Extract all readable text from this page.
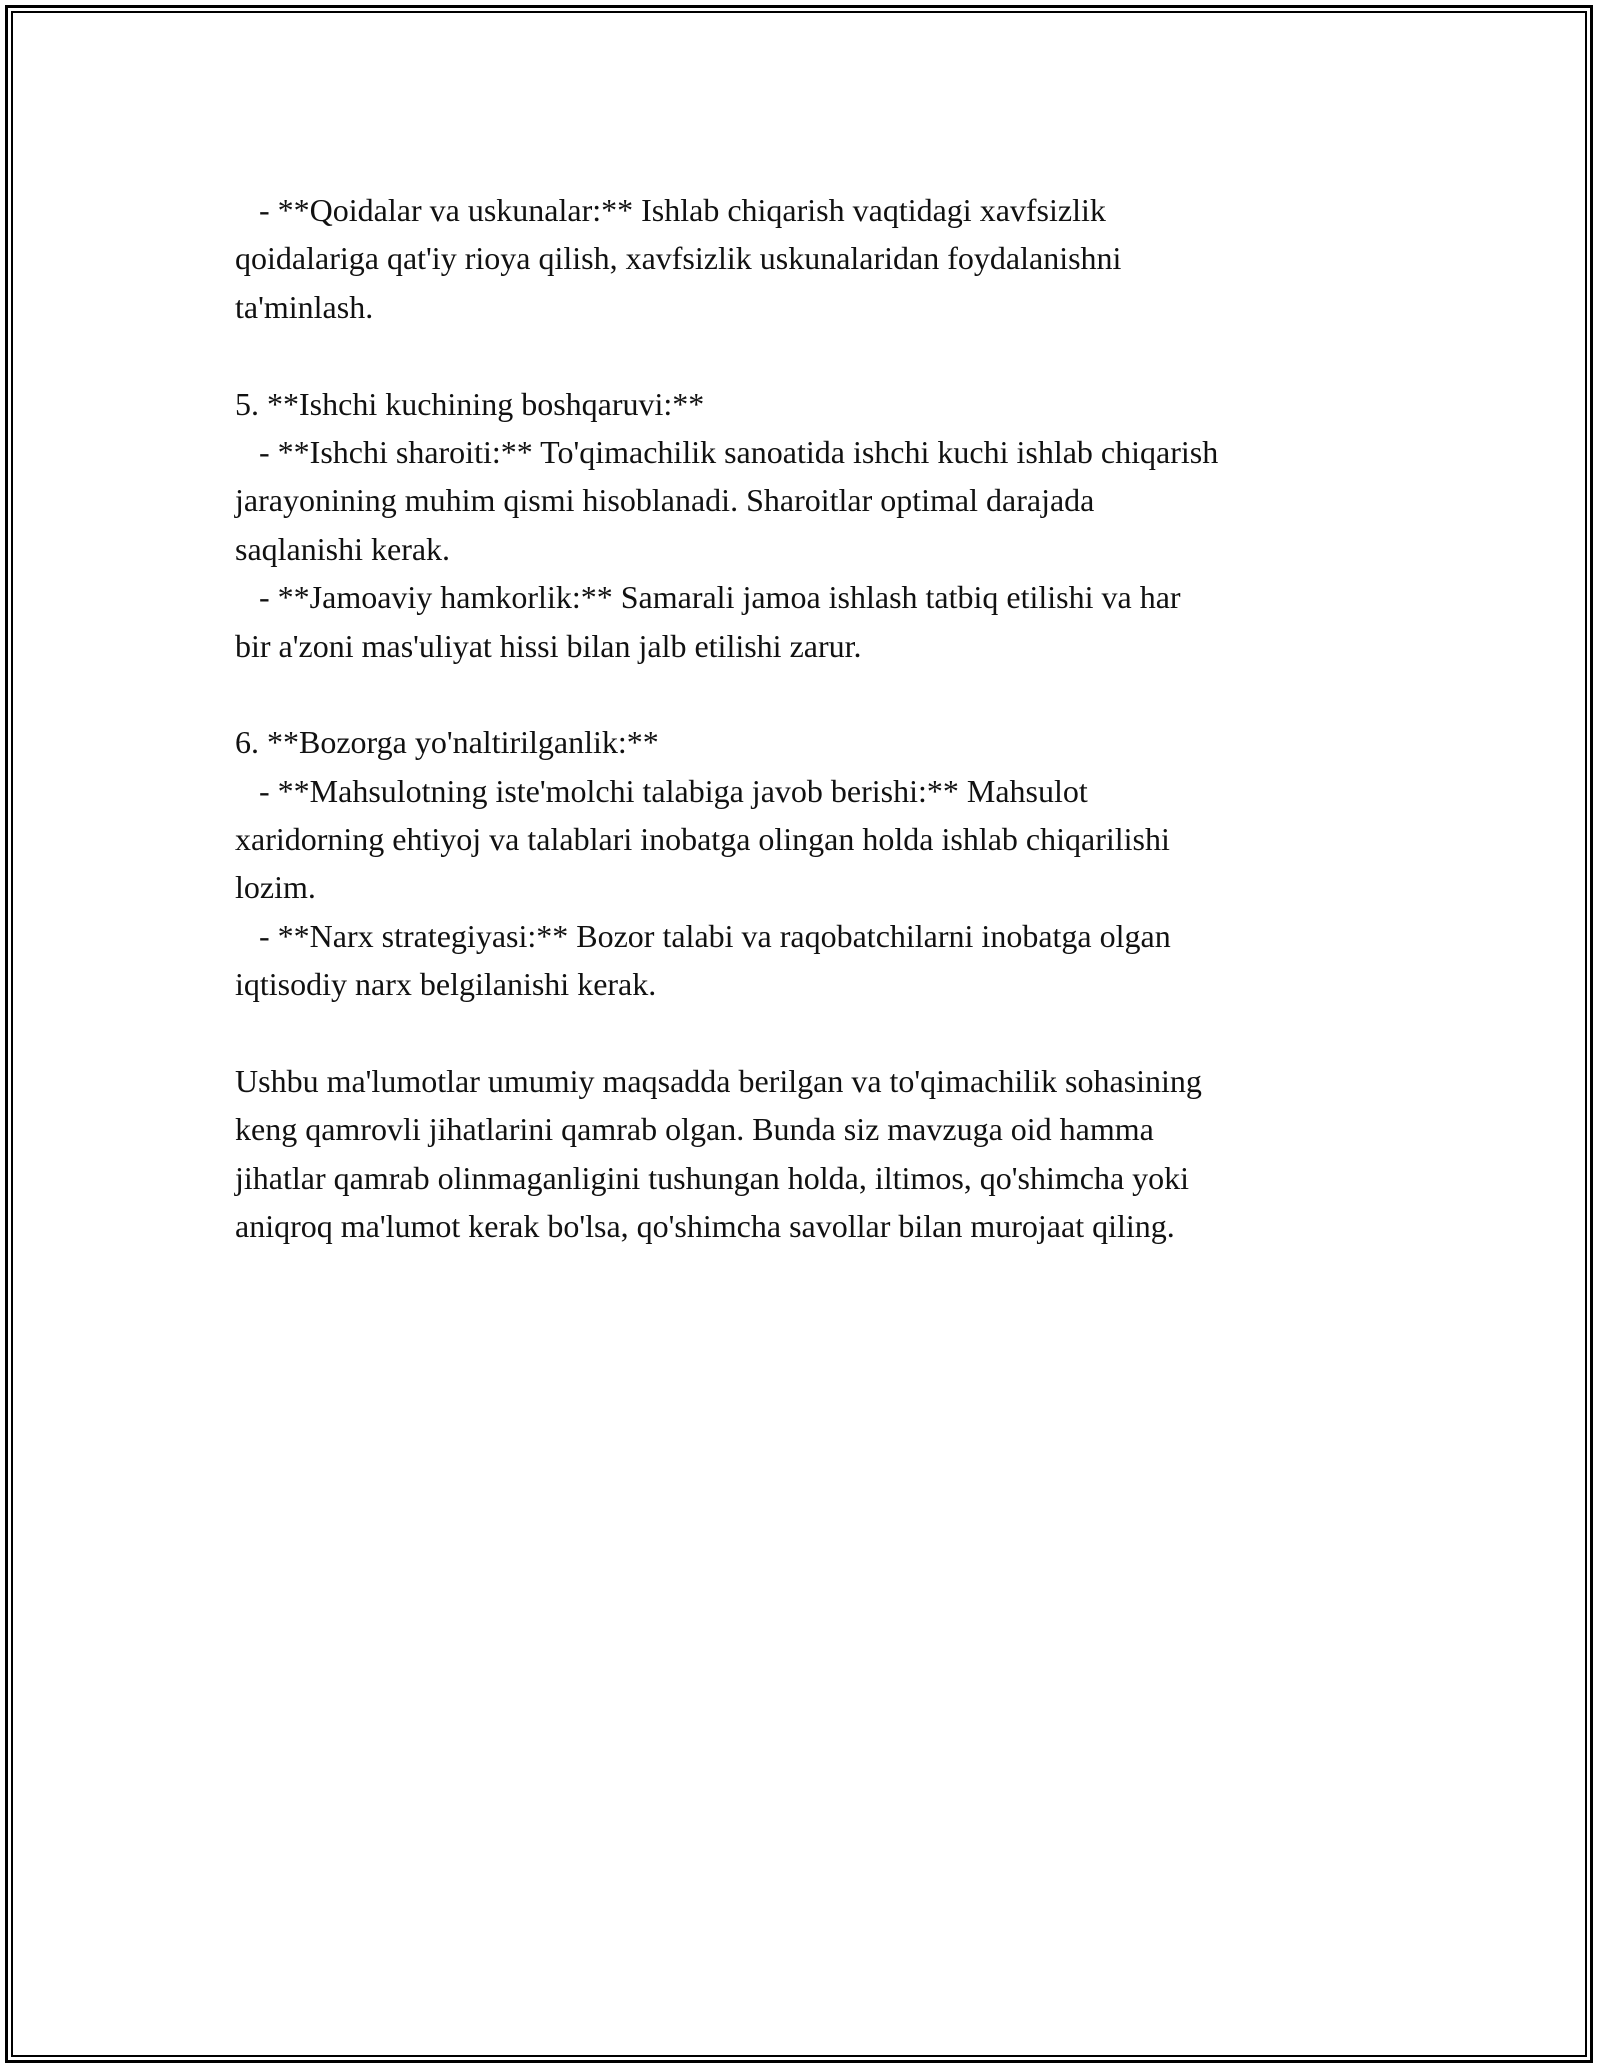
- **Qoidalar va uskunalar:** Ishlab chiqarish vaqtidagi xavfsizlik
qoidalariga qat'iy rioya qilish, xavfsizlik uskunalaridan foydalanishni
ta'minlash.
5. **Ishchi kuchining boshqaruvi:**
- **Ishchi sharoiti:** To'qimachilik sanoatida ishchi kuchi ishlab chiqarish
jarayonining muhim qismi hisoblanadi. Sharoitlar optimal darajada
saqlanishi kerak.
- **Jamoaviy hamkorlik:** Samarali jamoa ishlash tatbiq etilishi va har
bir a'zoni mas'uliyat hissi bilan jalb etilishi zarur.
6. **Bozorga yo'naltirilganlik:**
- **Mahsulotning iste'molchi talabiga javob berishi:** Mahsulot
xaridorning ehtiyoj va talablari inobatga olingan holda ishlab chiqarilishi
lozim.
- **Narx strategiyasi:** Bozor talabi va raqobatchilarni inobatga olgan
iqtisodiy narx belgilanishi kerak.
Ushbu ma'lumotlar umumiy maqsadda berilgan va to'qimachilik sohasining
keng qamrovli jihatlarini qamrab olgan. Bunda siz mavzuga oid hamma
jihatlar qamrab olinmaganligini tushungan holda, iltimos, qo'shimcha yoki
aniqroq ma'lumot kerak bo'lsa, qo'shimcha savollar bilan murojaat qiling.
